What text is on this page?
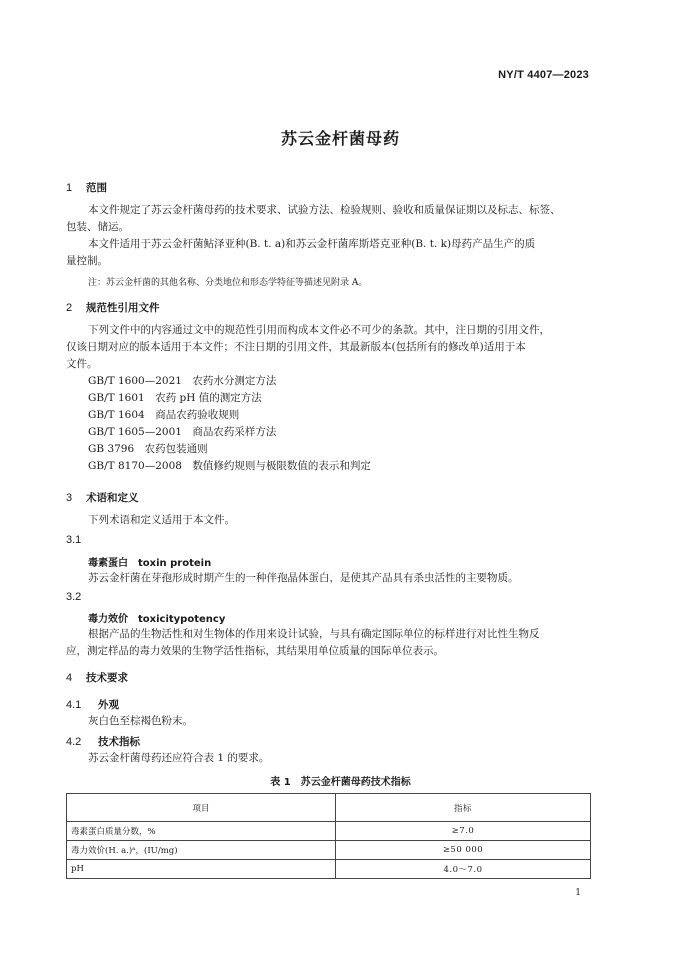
NY/T 4407—2023
苏云金杆菌母药
1 范围
本文件规定了苏云金杆菌母药的技术要求、试验方法、检验规则、验收和质量保证期以及标志、标签、
包装、储运。
本文件适用于苏云金杆菌鲇泽亚种(B. t. a)和苏云金杆菌库斯塔克亚种(B. t. k)母药产品生产的质
量控制。
注：苏云金杆菌的其他名称、分类地位和形态学特征等描述见附录 A。
2 规范性引用文件
下列文件中的内容通过文中的规范性引用而构成本文件必不可少的条款。其中，注日期的引用文件，
仅该日期对应的版本适用于本文件；不注日期的引用文件，其最新版本(包括所有的修改单)适用于本
文件。
GB/T 1600—2021　农药水分测定方法
GB/T 1601　农药 pH 值的测定方法
GB/T 1604　商品农药验收规则
GB/T 1605—2001　商品农药采样方法
GB 3796　农药包装通则
GB/T 8170—2008　数值修约规则与极限数值的表示和判定
3 术语和定义
下列术语和定义适用于本文件。
3.1
毒素蛋白　toxin protein
苏云金杆菌在芽孢形成时期产生的一种伴孢晶体蛋白，是使其产品具有杀虫活性的主要物质。
3.2
毒力效价　toxicitypotency
根据产品的生物活性和对生物体的作用来设计试验，与具有确定国际单位的标样进行对比性生物反
应，测定样品的毒力效果的生物学活性指标，其结果用单位质量的国际单位表示。
4 技术要求
4.1 外观
灰白色至棕褐色粉末。
4.2 技术指标
苏云金杆菌母药还应符合表 1 的要求。
表 1　苏云金杆菌母药技术指标
项目	指标
毒素蛋白质量分数，%	≥7.0
毒力效价(H. a.)ᵃ，(IU/mg)	≥50 000
pH	4.0～7.0
1
